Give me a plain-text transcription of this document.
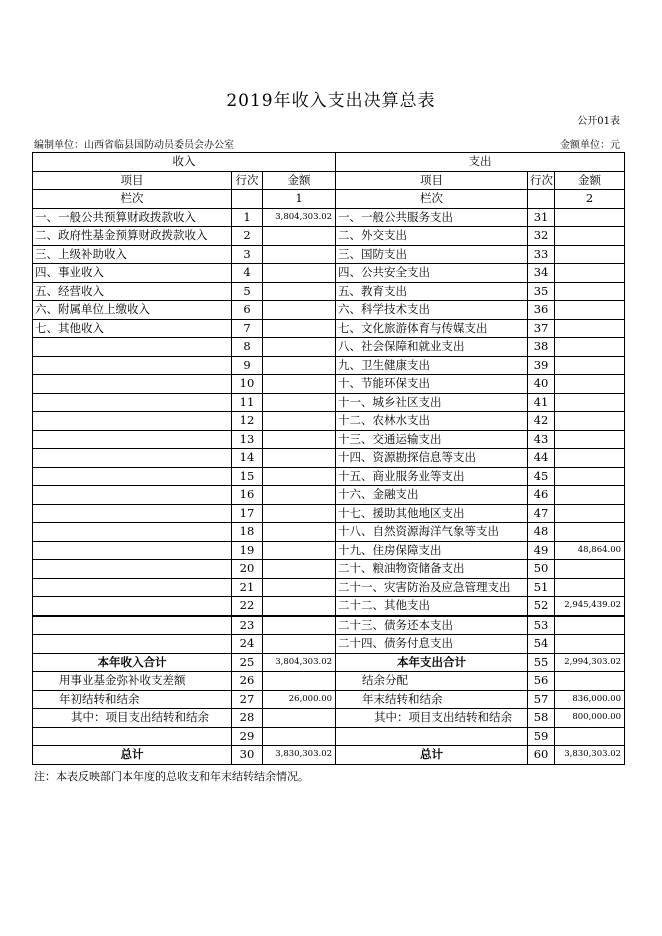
2019年收入支出决算总表
公开01表
编制单位：山西省临县国防动员委员会办公室	金额单位：元
收入			支出		
项目	行次	金额	项目	行次	金额
栏次		1	栏次		2
一、一般公共预算财政拨款收入	1	3,804,303.02	一、一般公共服务支出	31	
二、政府性基金预算财政拨款收入	2		二、外交支出	32	
三、上级补助收入	3		三、国防支出	33	
四、事业收入	4		四、公共安全支出	34	
五、经营收入	5		五、教育支出	35	
六、附属单位上缴收入	6		六、科学技术支出	36	
七、其他收入	7		七、文化旅游体育与传媒支出	37	
	8		八、社会保障和就业支出	38	
	9		九、卫生健康支出	39	
	10		十、节能环保支出	40	
	11		十一、城乡社区支出	41	
	12		十二、农林水支出	42	
	13		十三、交通运输支出	43	
	14		十四、资源勘探信息等支出	44	
	15		十五、商业服务业等支出	45	
	16		十六、金融支出	46	
	17		十七、援助其他地区支出	47	
	18		十八、自然资源海洋气象等支出	48	
	19		十九、住房保障支出	49	48,864.00
	20		二十、粮油物资储备支出	50	
	21		二十一、灾害防治及应急管理支出	51	
	22		二十二、其他支出	52	2,945,439.02
	23		二十三、债务还本支出	53	
	24		二十四、债务付息支出	54	
本年收入合计	25	3,804,303.02	本年支出合计	55	2,994,303.02
用事业基金弥补收支差额	26		结余分配	56	
年初结转和结余	27	26,000.00	年末结转和结余	57	836,000.00
其中：项目支出结转和结余	28		其中：项目支出结转和结余	58	800,000.00
	29			59	
总计	30	3,830,303.02	总计	60	3,830,303.02
注：本表反映部门本年度的总收支和年末结转结余情况。
